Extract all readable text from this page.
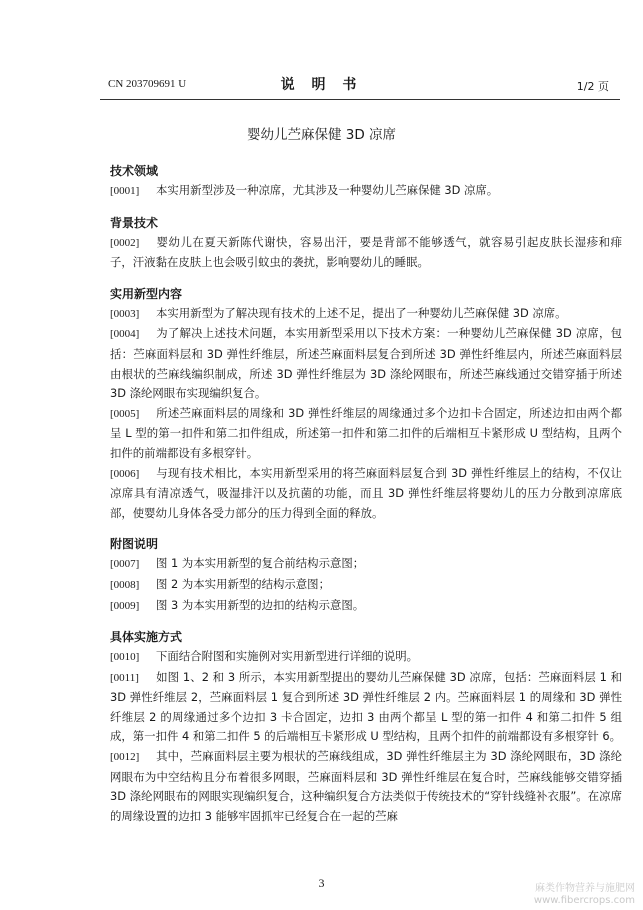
CN 203709691 U	说 明 书	1/2 页
婴幼儿苎麻保健 3D 凉席
技术领域
[0001] 本实用新型涉及一种凉席，尤其涉及一种婴幼儿苎麻保健 3D 凉席。
背景技术
[0002] 婴幼儿在夏天新陈代谢快，容易出汗，要是背部不能够透气，就容易引起皮肤长湿疹和痱子，汗液黏在皮肤上也会吸引蚊虫的袭扰，影响婴幼儿的睡眠。
实用新型内容
[0003] 本实用新型为了解决现有技术的上述不足，提出了一种婴幼儿苎麻保健 3D 凉席。
[0004] 为了解决上述技术问题，本实用新型采用以下技术方案：一种婴幼儿苎麻保健 3D 凉席，包括：苎麻面料层和 3D 弹性纤维层，所述苎麻面料层复合到所述 3D 弹性纤维层内，所述苎麻面料层由根状的苎麻线编织制成，所述 3D 弹性纤维层为 3D 涤纶网眼布，所述苎麻线通过交错穿插于所述 3D 涤纶网眼布实现编织复合。
[0005] 所述苎麻面料层的周缘和 3D 弹性纤维层的周缘通过多个边扣卡合固定，所述边扣由两个都呈 L 型的第一扣件和第二扣件组成，所述第一扣件和第二扣件的后端相互卡紧形成 U 型结构，且两个扣件的前端都设有多根穿针。
[0006] 与现有技术相比，本实用新型采用的将苎麻面料层复合到 3D 弹性纤维层上的结构，不仅让凉席具有清凉透气，吸湿排汗以及抗菌的功能，而且 3D 弹性纤维层将婴幼儿的压力分散到凉席底部，使婴幼儿身体各受力部分的压力得到全面的释放。
附图说明
[0007] 图 1 为本实用新型的复合前结构示意图；
[0008] 图 2 为本实用新型的结构示意图；
[0009] 图 3 为本实用新型的边扣的结构示意图。
具体实施方式
[0010] 下面结合附图和实施例对实用新型进行详细的说明。
[0011] 如图 1、2 和 3 所示，本实用新型提出的婴幼儿苎麻保健 3D 凉席，包括：苎麻面料层 1 和 3D 弹性纤维层 2，苎麻面料层 1 复合到所述 3D 弹性纤维层 2 内。苎麻面料层 1 的周缘和 3D 弹性纤维层 2 的周缘通过多个边扣 3 卡合固定，边扣 3 由两个都呈 L 型的第一扣件 4 和第二扣件 5 组成，第一扣件 4 和第二扣件 5 的后端相互卡紧形成 U 型结构，且两个扣件的前端都设有多根穿针 6。
[0012] 其中，苎麻面料层主要为根状的苎麻线组成，3D 弹性纤维层主为 3D 涤纶网眼布，3D 涤纶网眼布为中空结构且分布着很多网眼，苎麻面料层和 3D 弹性纤维层在复合时，苎麻线能够交错穿插 3D 涤纶网眼布的网眼实现编织复合，这种编织复合方法类似于传统技术的“穿针线缝补衣服”。在凉席的周缘设置的边扣 3 能够牢固抓牢已经复合在一起的苎麻
3	麻类作物营养与施肥网
www.fibercrops.com
